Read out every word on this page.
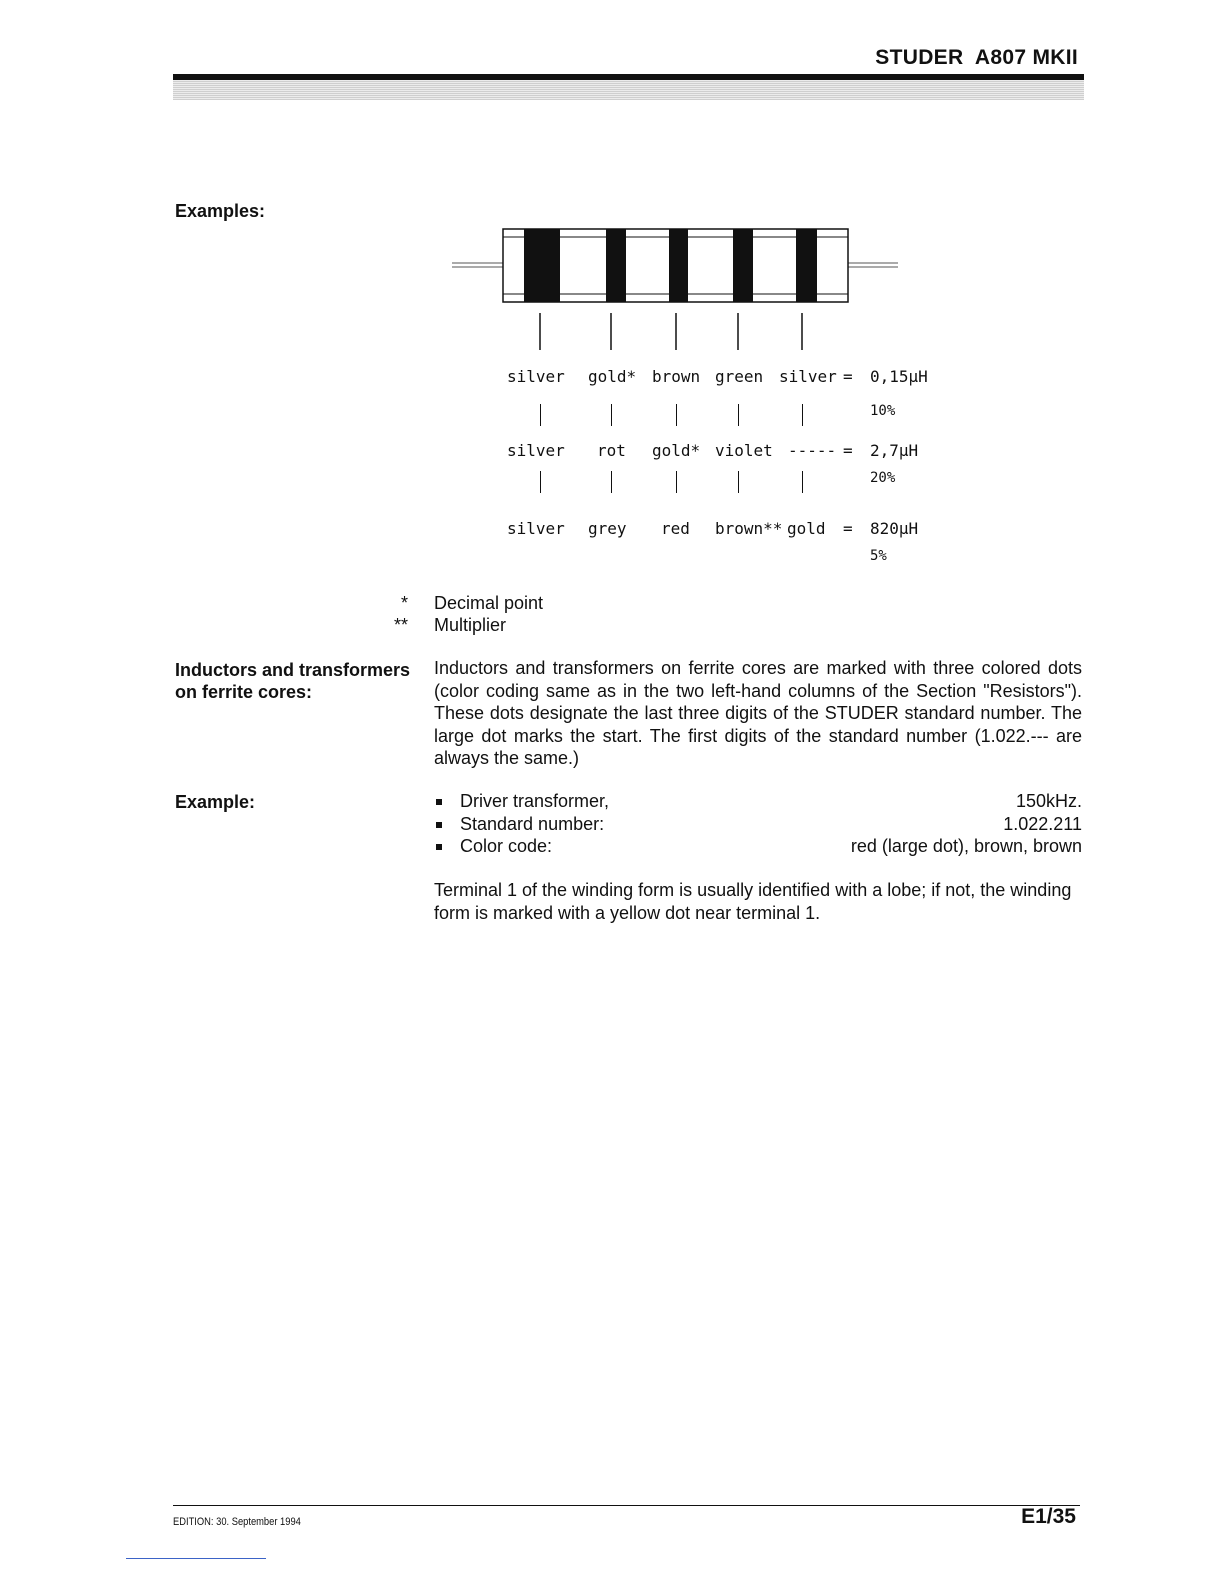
STUDER  A807 MKII
Examples:
silver gold* brown green silver = 0,15µH
10%
silver rot gold* violet ----- = 2,7µH
20%
silver grey red brown** gold = 820µH
5%
* Decimal point
** Multiplier
Inductors and transformers
on ferrite cores:
Inductors and transformers on ferrite cores are marked with three colored dots (color coding same as in the two left-hand columns of the Section "Resistors"). These dots designate the last three digits of the STUDER standard number. The large dot marks the start. The first digits of the standard number (1.022.--- are always the same.)
Example:	Driver transformer,	150kHz.
Standard number:	1.022.211
Color code:	red (large dot), brown, brown
Terminal 1 of the winding form is usually identified with a lobe; if not, the winding form is marked with a yellow dot near terminal 1.
EDITION: 30. September 1994	E1/35
